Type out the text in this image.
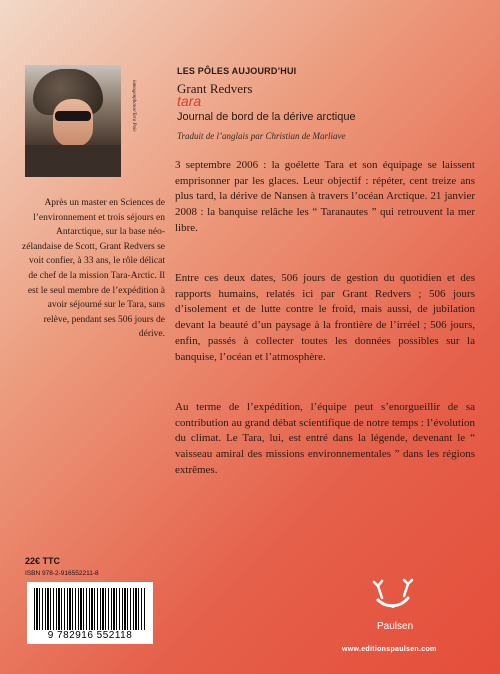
lamagenphotos/Tara Pole
Après un master en Sciences de l’environnement et trois séjours en Antarctique, sur la base néo-zélandaise de Scott, Grant Redvers se voit confier, à 33 ans, le rôle délicat de chef de la mission Tara-Arctic. Il est le seul membre de l’expédition à avoir séjourné sur le Tara, sans relève, pendant ses 506 jours de dérive.
LES PÔLES AUJOURD’HUI
Grant Redvers
tara
Journal de bord de la dérive arctique
Traduit de l’anglais par Christian de Marliave
3 septembre 2006 : la goélette Tara et son équipage se laissent emprisonner par les glaces. Leur objectif : répéter, cent treize ans plus tard, la dérive de Nansen à travers l’océan Arctique. 21 janvier 2008 : la banquise relâche les “ Taranautes ” qui retrouvent la mer libre.
Entre ces deux dates, 506 jours de gestion du quotidien et des rapports humains, relatés ici par Grant Redvers ; 506 jours d’isolement et de lutte contre le froid, mais aussi, de jubilation devant la beauté d’un paysage à la frontière de l’irréel ; 506 jours, enfin, passés à collecter toutes les données possibles sur la banquise, l’océan et l’atmosphère.
Au terme de l’expédition, l’équipe peut s’enorgueillir de sa contribution au grand débat scientifique de notre temps : l’évolution du climat. Le Tara, lui, est entré dans la légende, devenant le “ vaisseau amiral des missions environnementales ” dans les régions extrêmes.
22€ TTC
ISBN 978-2-916552211-8
9 782916 552118
Paulsen
www.editionspaulsen.com
